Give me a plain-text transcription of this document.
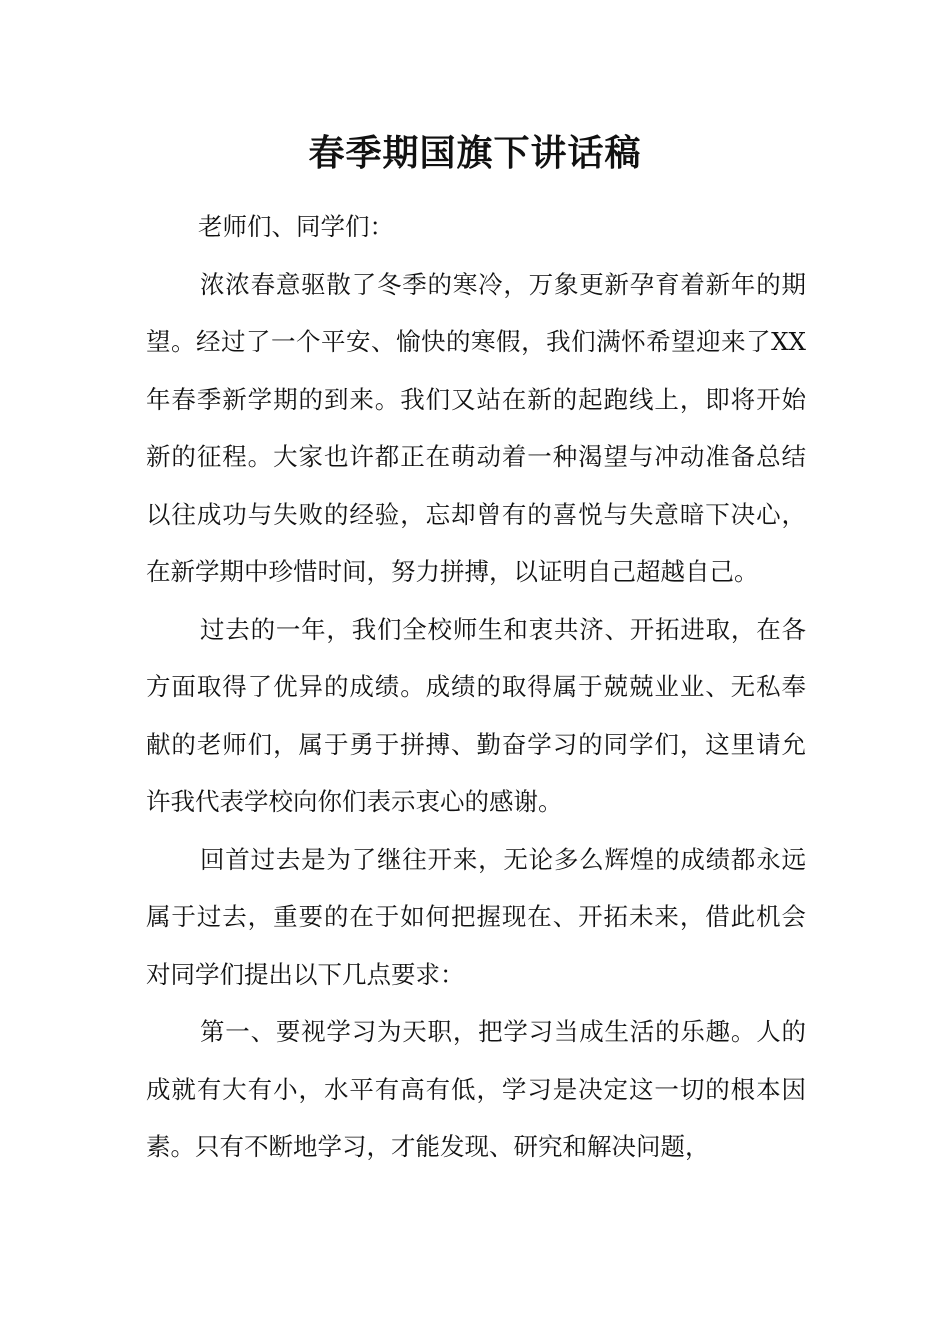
春季期国旗下讲话稿

老师们、同学们：

浓浓春意驱散了冬季的寒冷，万象更新孕育着新年的期望。经过了一个平安、愉快的寒假，我们满怀希望迎来了XX年春季新学期的到来。我们又站在新的起跑线上，即将开始新的征程。大家也许都正在萌动着一种渴望与冲动准备总结以往成功与失败的经验，忘却曾有的喜悦与失意暗下决心，在新学期中珍惜时间，努力拼搏，以证明自己超越自己。

过去的一年，我们全校师生和衷共济、开拓进取，在各方面取得了优异的成绩。成绩的取得属于兢兢业业、无私奉献的老师们，属于勇于拼搏、勤奋学习的同学们，这里请允许我代表学校向你们表示衷心的感谢。

回首过去是为了继往开来，无论多么辉煌的成绩都永远属于过去，重要的在于如何把握现在、开拓未来，借此机会对同学们提出以下几点要求：

第一、要视学习为天职，把学习当成生活的乐趣。人的成就有大有小，水平有高有低，学习是决定这一切的根本因素。只有不断地学习，才能发现、研究和解决问题，
